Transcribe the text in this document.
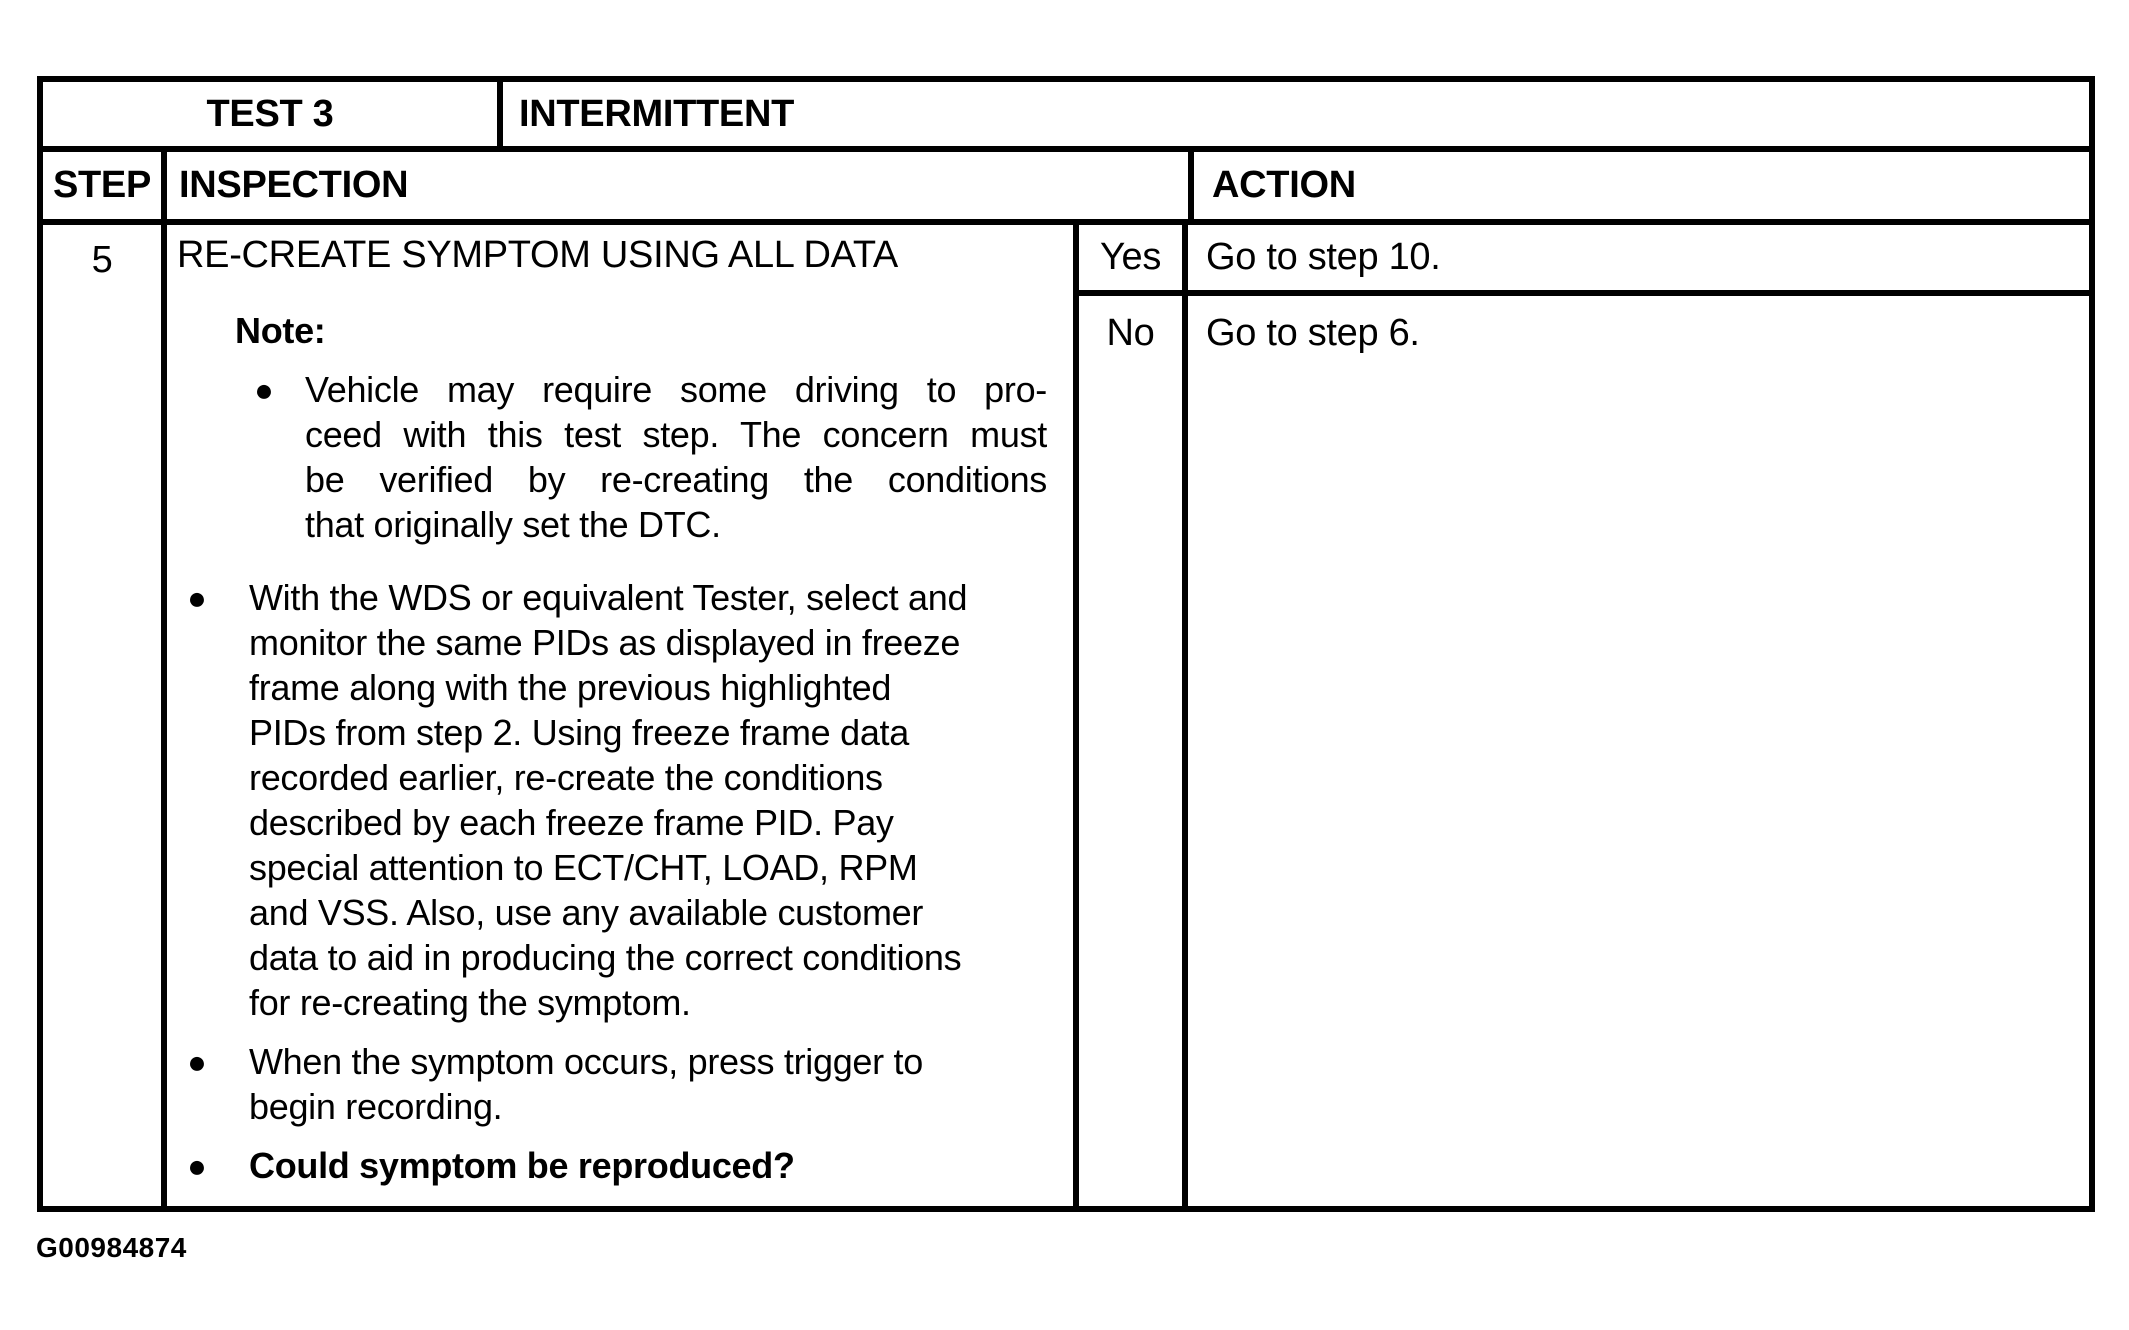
TEST 3	INTERMITTENT
STEP INSPECTION	ACTION
5	RE-CREATE SYMPTOM USING ALL DATA
Note:
● Vehicle may require some driving to pro-
ceed with this test step. The concern must
be verified by re-creating the conditions
that originally set the DTC.
●	With the WDS or equivalent Tester, select and
monitor the same PIDs as displayed in freeze
frame along with the previous highlighted
PIDs from step 2. Using freeze frame data
recorded earlier, re-create the conditions
described by each freeze frame PID. Pay
special attention to ECT/CHT, LOAD, RPM
and VSS. Also, use any available customer
data to aid in producing the correct conditions
for re-creating the symptom.
●	When the symptom occurs, press trigger to
begin recording.
●	Could symptom be reproduced?
Yes Go to step 10.
No Go to step 6.
G00984874
